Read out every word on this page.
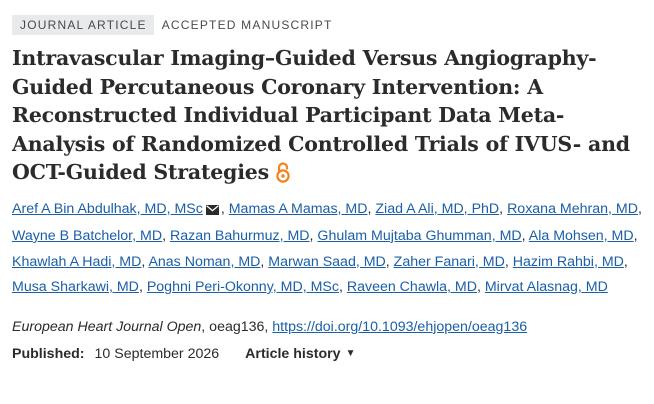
JOURNAL ARTICLE	ACCEPTED MANUSCRIPT
Intravascular Imaging–Guided Versus Angiography-Guided Percutaneous Coronary Intervention: A Reconstructed Individual Participant Data Meta-Analysis of Randomized Controlled Trials of IVUS- and OCT-Guided Strategies
Aref A Bin Abdulhak, MD, MSc , Mamas A Mamas, MD, Ziad A Ali, MD, PhD, Roxana Mehran, MD, Wayne B Batchelor, MD, Razan Bahurmuz, MD, Ghulam Mujtaba Ghumman, MD, Ala Mohsen, MD, Khawlah A Hadi, MD, Anas Noman, MD, Marwan Saad, MD, Zaher Fanari, MD, Hazim Rahbi, MD, Musa Sharkawi, MD, Poghni Peri-Okonny, MD, MSc, Raveen Chawla, MD, Mirvat Alasnag, MD
European Heart Journal Open, oeag136, https://doi.org/10.1093/ehjopen/oeag136
Published: 10 September 2026 Article history ▼
